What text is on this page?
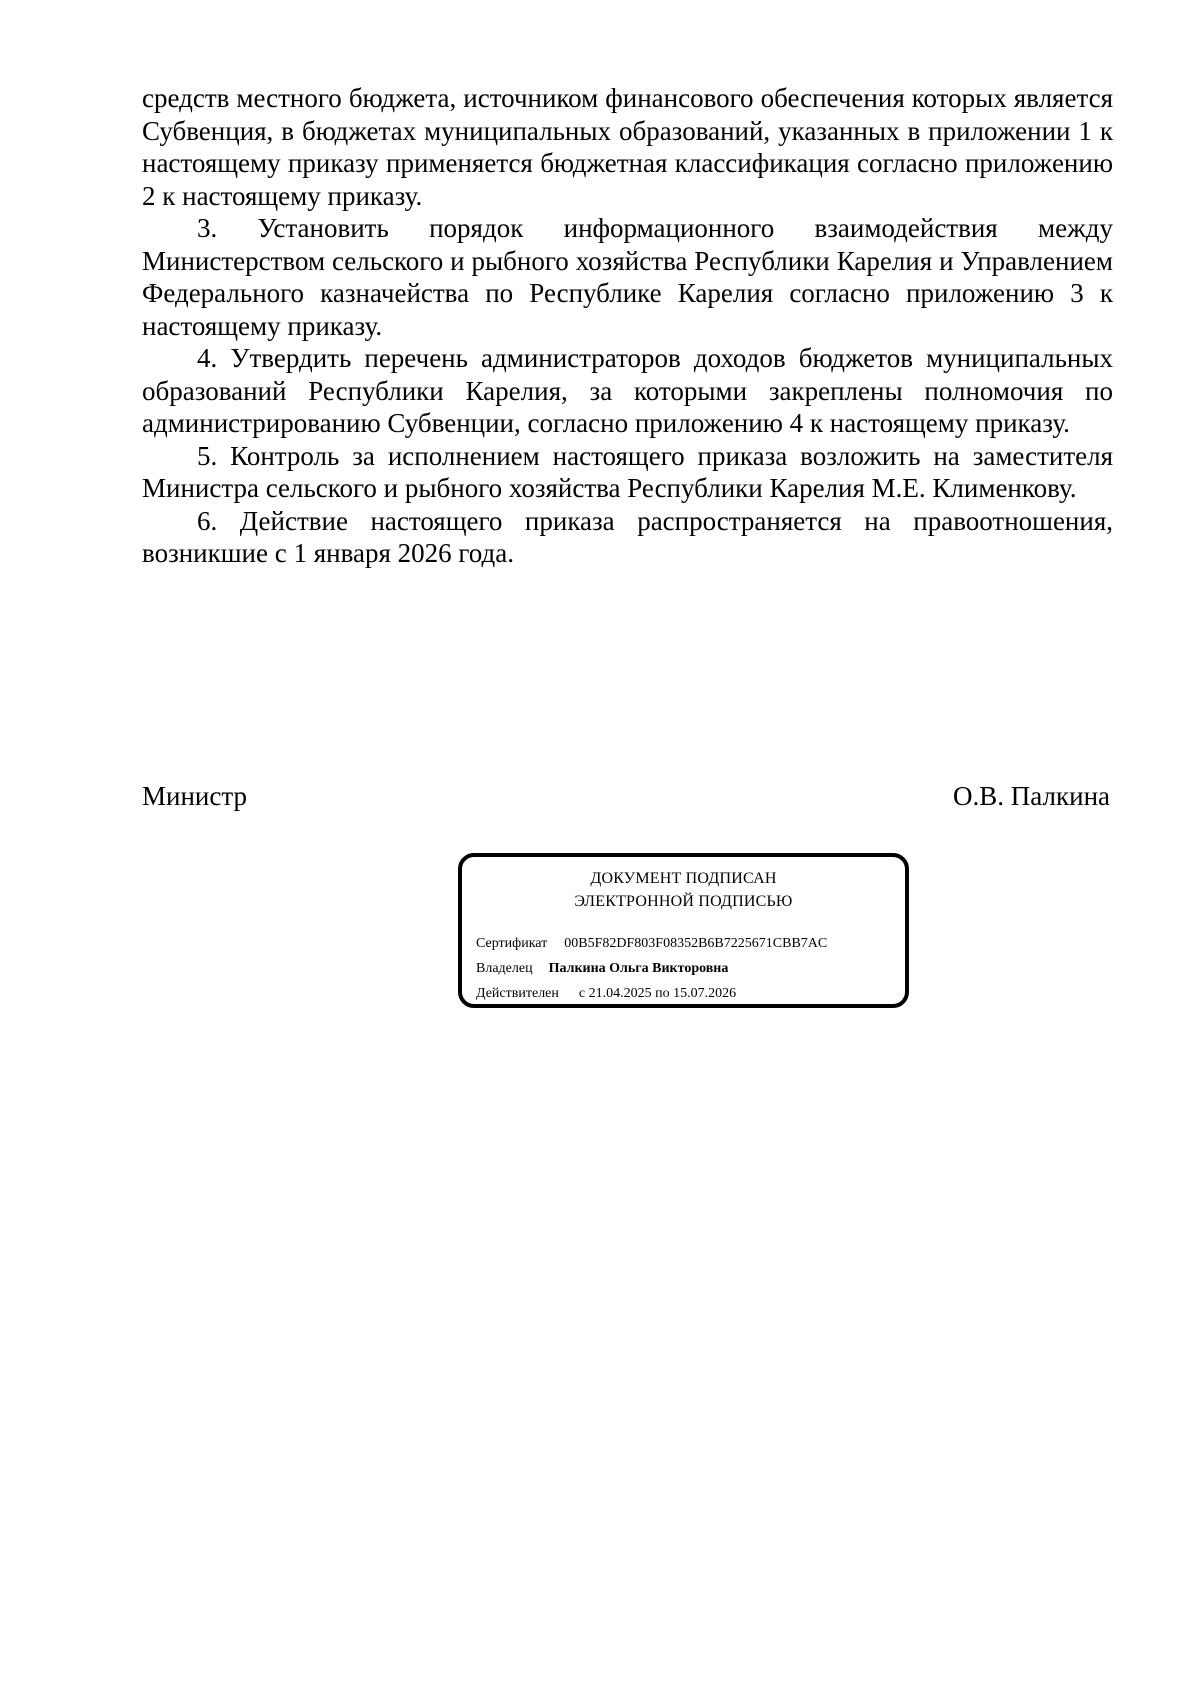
средств местного бюджета, источником финансового обеспечения которых является Субвенция, в бюджетах муниципальных образований, указанных в приложении 1 к настоящему приказу применяется бюджетная классификация согласно приложению 2 к настоящему приказу.

3. Установить порядок информационного взаимодействия между Министерством сельского и рыбного хозяйства Республики Карелия и Управлением Федерального казначейства по Республике Карелия согласно приложению 3 к настоящему приказу.

4. Утвердить перечень администраторов доходов бюджетов муниципальных образований Республики Карелия, за которыми закреплены полномочия по администрированию Субвенции, согласно приложению 4 к настоящему приказу.

5. Контроль за исполнением настоящего приказа возложить на заместителя Министра сельского и рыбного хозяйства Республики Карелия М.Е. Клименкову.

6. Действие настоящего приказа распространяется на правоотношения, возникшие с 1 января 2026 года.

Министр	О.В. Палкина
ДОКУМЕНТ ПОДПИСАН
ЭЛЕКТРОННОЙ ПОДПИСЬЮ
Сертификат 00B5F82DF803F08352B6B7225671CBB7AC
Владелец Палкина Ольга Викторовна
Действителен с 21.04.2025 по 15.07.2026
